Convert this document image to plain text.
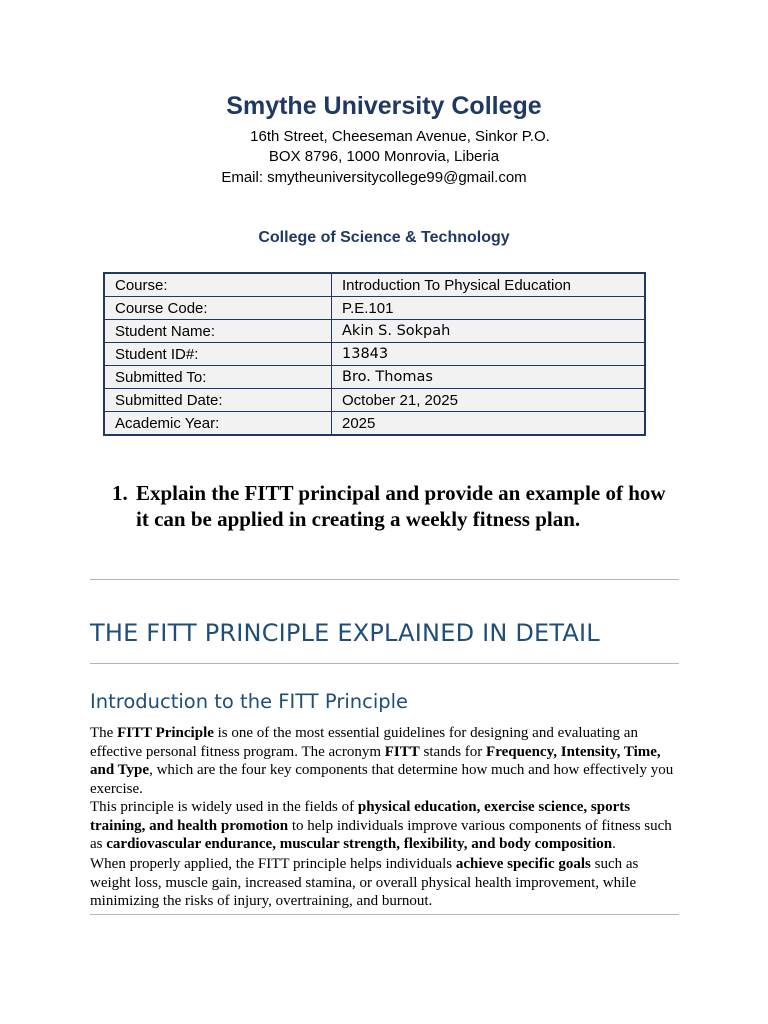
Smythe University College
16th Street, Cheeseman Avenue, Sinkor P.O.
BOX 8796, 1000 Monrovia, Liberia
Email: smytheuniversitycollege99@gmail.com
College of Science & Technology
Course:	Introduction To Physical Education
Course Code:	P.E.101
Student Name:	Akin S. Sokpah
Student ID#:	13843
Submitted To:	Bro. Thomas
Submitted Date:	October 21, 2025
Academic Year:	2025
1. Explain the FITT principal and provide an example of how it can be applied in creating a weekly fitness plan.
THE FITT PRINCIPLE EXPLAINED IN DETAIL
Introduction to the FITT Principle

The FITT Principle is one of the most essential guidelines for designing and evaluating an effective personal fitness program. The acronym FITT stands for Frequency, Intensity, Time, and Type, which are the four key components that determine how much and how effectively you exercise.

This principle is widely used in the fields of physical education, exercise science, sports training, and health promotion to help individuals improve various components of fitness such as cardiovascular endurance, muscular strength, flexibility, and body composition.

When properly applied, the FITT principle helps individuals achieve specific goals such as weight loss, muscle gain, increased stamina, or overall physical health improvement, while minimizing the risks of injury, overtraining, and burnout.
